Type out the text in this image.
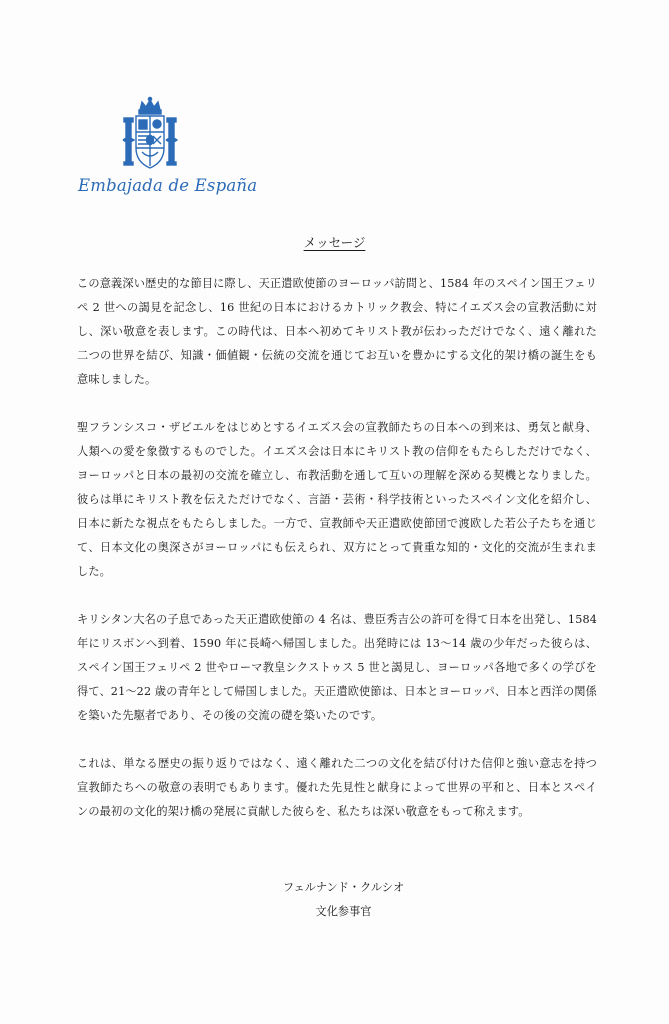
Embajada de España
メッセージ

この意義深い歴史的な節目に際し、天正遣欧使節のヨーロッパ訪問と、1584 年のスペイン国王フェリペ 2 世への謁見を記念し、16 世紀の日本におけるカトリック教会、特にイエズス会の宣教活動に対し、深い敬意を表します。この時代は、日本へ初めてキリスト教が伝わっただけでなく、遠く離れた二つの世界を結び、知識・価値観・伝統の交流を通じてお互いを豊かにする文化的架け橋の誕生をも意味しました。

聖フランシスコ・ザビエルをはじめとするイエズス会の宣教師たちの日本への到来は、勇気と献身、人類への愛を象徴するものでした。イエズス会は日本にキリスト教の信仰をもたらしただけでなく、ヨーロッパと日本の最初の交流を確立し、布教活動を通して互いの理解を深める契機となりました。彼らは単にキリスト教を伝えただけでなく、言語・芸術・科学技術といったスペイン文化を紹介し、日本に新たな視点をもたらしました。一方で、宣教師や天正遣欧使節団で渡欧した若公子たちを通じて、日本文化の奥深さがヨーロッパにも伝えられ、双方にとって貴重な知的・文化的交流が生まれました。

キリシタン大名の子息であった天正遣欧使節の 4 名は、豊臣秀吉公の許可を得て日本を出発し、1584 年にリスボンへ到着、1590 年に長崎へ帰国しました。出発時には 13〜14 歳の少年だった彼らは、スペイン国王フェリペ 2 世やローマ教皇シクストゥス 5 世と謁見し、ヨーロッパ各地で多くの学びを得て、21〜22 歳の青年として帰国しました。天正遣欧使節は、日本とヨーロッパ、日本と西洋の関係を築いた先駆者であり、その後の交流の礎を築いたのです。

これは、単なる歴史の振り返りではなく、遠く離れた二つの文化を結び付けた信仰と強い意志を持つ宣教師たちへの敬意の表明でもあります。優れた先見性と献身によって世界の平和と、日本とスペインの最初の文化的架け橋の発展に貢献した彼らを、私たちは深い敬意をもって称えます。

フェルナンド・クルシオ
文化参事官
